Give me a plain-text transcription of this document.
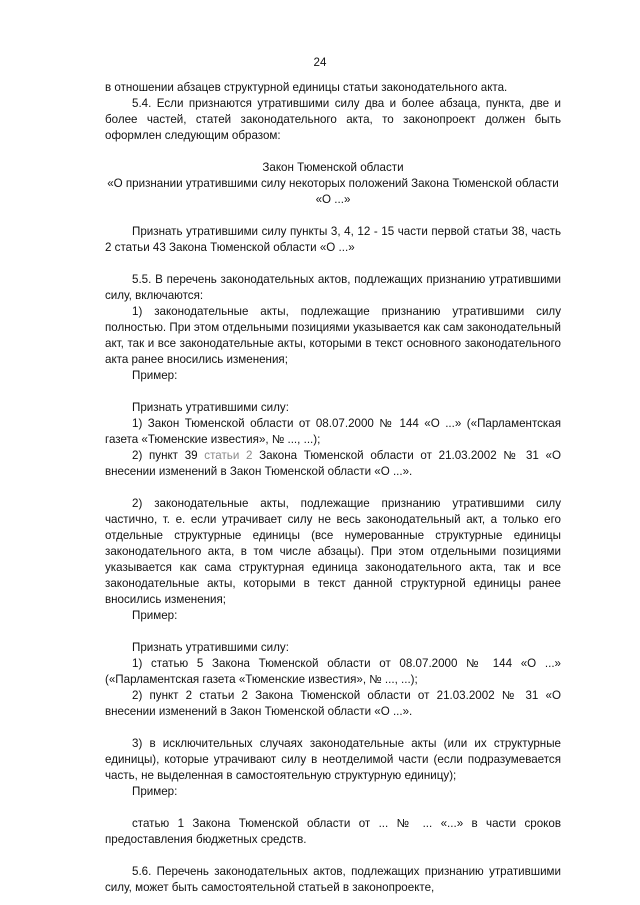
24

в отношении абзацев структурной единицы статьи законодательного акта.

5.4. Если признаются утратившими силу два и более абзаца, пункта, две и более частей, статей законодательного акта, то законопроект должен быть оформлен следующим образом:

Закон Тюменской области

«О признании утратившими силу некоторых положений Закона Тюменской области «О ...»

Признать утратившими силу пункты 3, 4, 12 - 15 части первой статьи 38, часть 2 статьи 43 Закона Тюменской области «О ...»

5.5. В перечень законодательных актов, подлежащих признанию утратившими силу, включаются:

1) законодательные акты, подлежащие признанию утратившими силу полностью. При этом отдельными позициями указывается как сам законодательный акт, так и все законодательные акты, которыми в текст основного законодательного акта ранее вносились изменения;

Пример:

Признать утратившими силу:

1) Закон Тюменской области от 08.07.2000 № 144 «О ...» («Парламентская газета «Тюменские известия», № ..., ...);

2) пункт 39 статьи 2 Закона Тюменской области от 21.03.2002 № 31 «О внесении изменений в Закон Тюменской области «О ...».

2) законодательные акты, подлежащие признанию утратившими силу частично, т. е. если утрачивает силу не весь законодательный акт, а только его отдельные структурные единицы (все нумерованные структурные единицы законодательного акта, в том числе абзацы). При этом отдельными позициями указывается как сама структурная единица законодательного акта, так и все законодательные акты, которыми в текст данной структурной единицы ранее вносились изменения;

Пример:

Признать утратившими силу:

1) статью 5 Закона Тюменской области от 08.07.2000 № 144 «О ...» («Парламентская газета «Тюменские известия», № ..., ...);

2) пункт 2 статьи 2 Закона Тюменской области от 21.03.2002 № 31 «О внесении изменений в Закон Тюменской области «О ...».

3) в исключительных случаях законодательные акты (или их структурные единицы), которые утрачивают силу в неотделимой части (если подразумевается часть, не выделенная в самостоятельную структурную единицу);

Пример:

статью 1 Закона Тюменской области от ... № ... «...» в части сроков предоставления бюджетных средств.

5.6. Перечень законодательных актов, подлежащих признанию утратившими силу, может быть самостоятельной статьей в законопроекте,
